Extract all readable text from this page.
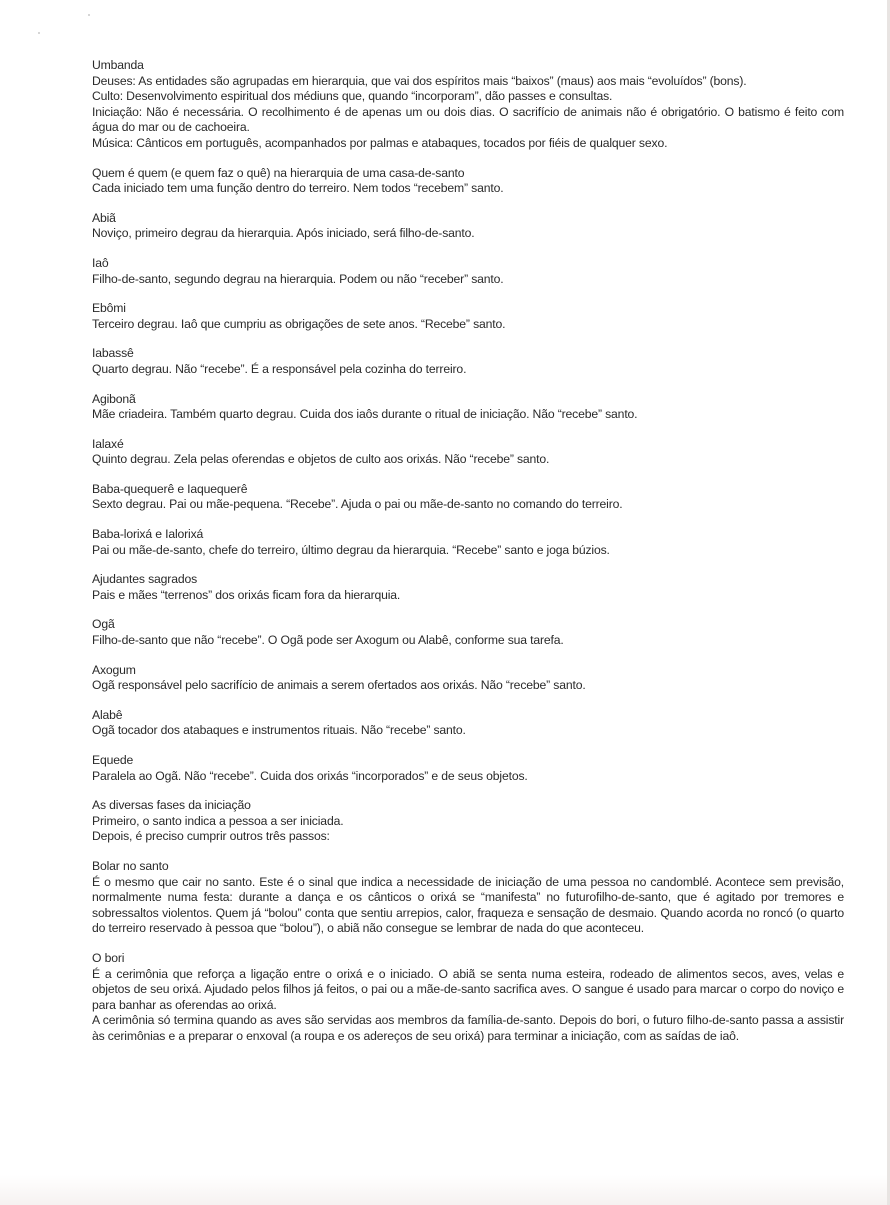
Umbanda
Deuses: As entidades são agrupadas em hierarquia, que vai dos espíritos mais “baixos” (maus) aos mais “evoluídos” (bons).
Culto: Desenvolvimento espiritual dos médiuns que, quando “incorporam”, dão passes e consultas.

Iniciação: Não é necessária. O recolhimento é de apenas um ou dois dias. O sacrifício de animais não é obrigatório. O batismo é feito com água do mar ou de cachoeira.

Música: Cânticos em português, acompanhados por palmas e atabaques, tocados por fiéis de qualquer sexo.
Quem é quem (e quem faz o quê) na hierarquia de uma casa-de-santo
Cada iniciado tem uma função dentro do terreiro. Nem todos “recebem” santo.
Abiã
Noviço, primeiro degrau da hierarquia. Após iniciado, será filho-de-santo.
Iaô
Filho-de-santo, segundo degrau na hierarquia. Podem ou não “receber” santo.
Ebômi
Terceiro degrau. Iaô que cumpriu as obrigações de sete anos. “Recebe” santo.
Iabassê
Quarto degrau. Não “recebe”. É a responsável pela cozinha do terreiro.
Agibonã
Mãe criadeira. Também quarto degrau. Cuida dos iaôs durante o ritual de iniciação. Não “recebe” santo.
Ialaxé
Quinto degrau. Zela pelas oferendas e objetos de culto aos orixás. Não “recebe” santo.
Baba-quequerê e Iaquequerê
Sexto degrau. Pai ou mãe-pequena. “Recebe”. Ajuda o pai ou mãe-de-santo no comando do terreiro.
Baba-lorixá e Ialorixá
Pai ou mãe-de-santo, chefe do terreiro, último degrau da hierarquia. “Recebe” santo e joga búzios.
Ajudantes sagrados
Pais e mães “terrenos” dos orixás ficam fora da hierarquia.
Ogã
Filho-de-santo que não “recebe”. O Ogã pode ser Axogum ou Alabê, conforme sua tarefa.
Axogum
Ogã responsável pelo sacrifício de animais a serem ofertados aos orixás. Não “recebe” santo.
Alabê
Ogã tocador dos atabaques e instrumentos rituais. Não “recebe” santo.
Equede
Paralela ao Ogã. Não “recebe”. Cuida dos orixás “incorporados” e de seus objetos.
As diversas fases da iniciação
Primeiro, o santo indica a pessoa a ser iniciada.
Depois, é preciso cumprir outros três passos:
Bolar no santo

É o mesmo que cair no santo. Este é o sinal que indica a necessidade de iniciação de uma pessoa no candomblé. Acontece sem previsão, normalmente numa festa: durante a dança e os cânticos o orixá se “manifesta” no futurofilho-de-santo, que é agitado por tremores e sobressaltos violentos. Quem já “bolou” conta que sentiu arrepios, calor, fraqueza e sensação de desmaio. Quando acorda no roncó (o quarto do terreiro reservado à pessoa que “bolou”), o abiã não consegue se lembrar de nada do que aconteceu.

O bori

É a cerimônia que reforça a ligação entre o orixá e o iniciado. O abiã se senta numa esteira, rodeado de alimentos secos, aves, velas e objetos de seu orixá. Ajudado pelos filhos já feitos, o pai ou a mãe-de-santo sacrifica aves. O sangue é usado para marcar o corpo do noviço e para banhar as oferendas ao orixá.

A cerimônia só termina quando as aves são servidas aos membros da família-de-santo. Depois do bori, o futuro filho-de-santo passa a assistir às cerimônias e a preparar o enxoval (a roupa e os adereços de seu orixá) para terminar a iniciação, com as saídas de iaô.
